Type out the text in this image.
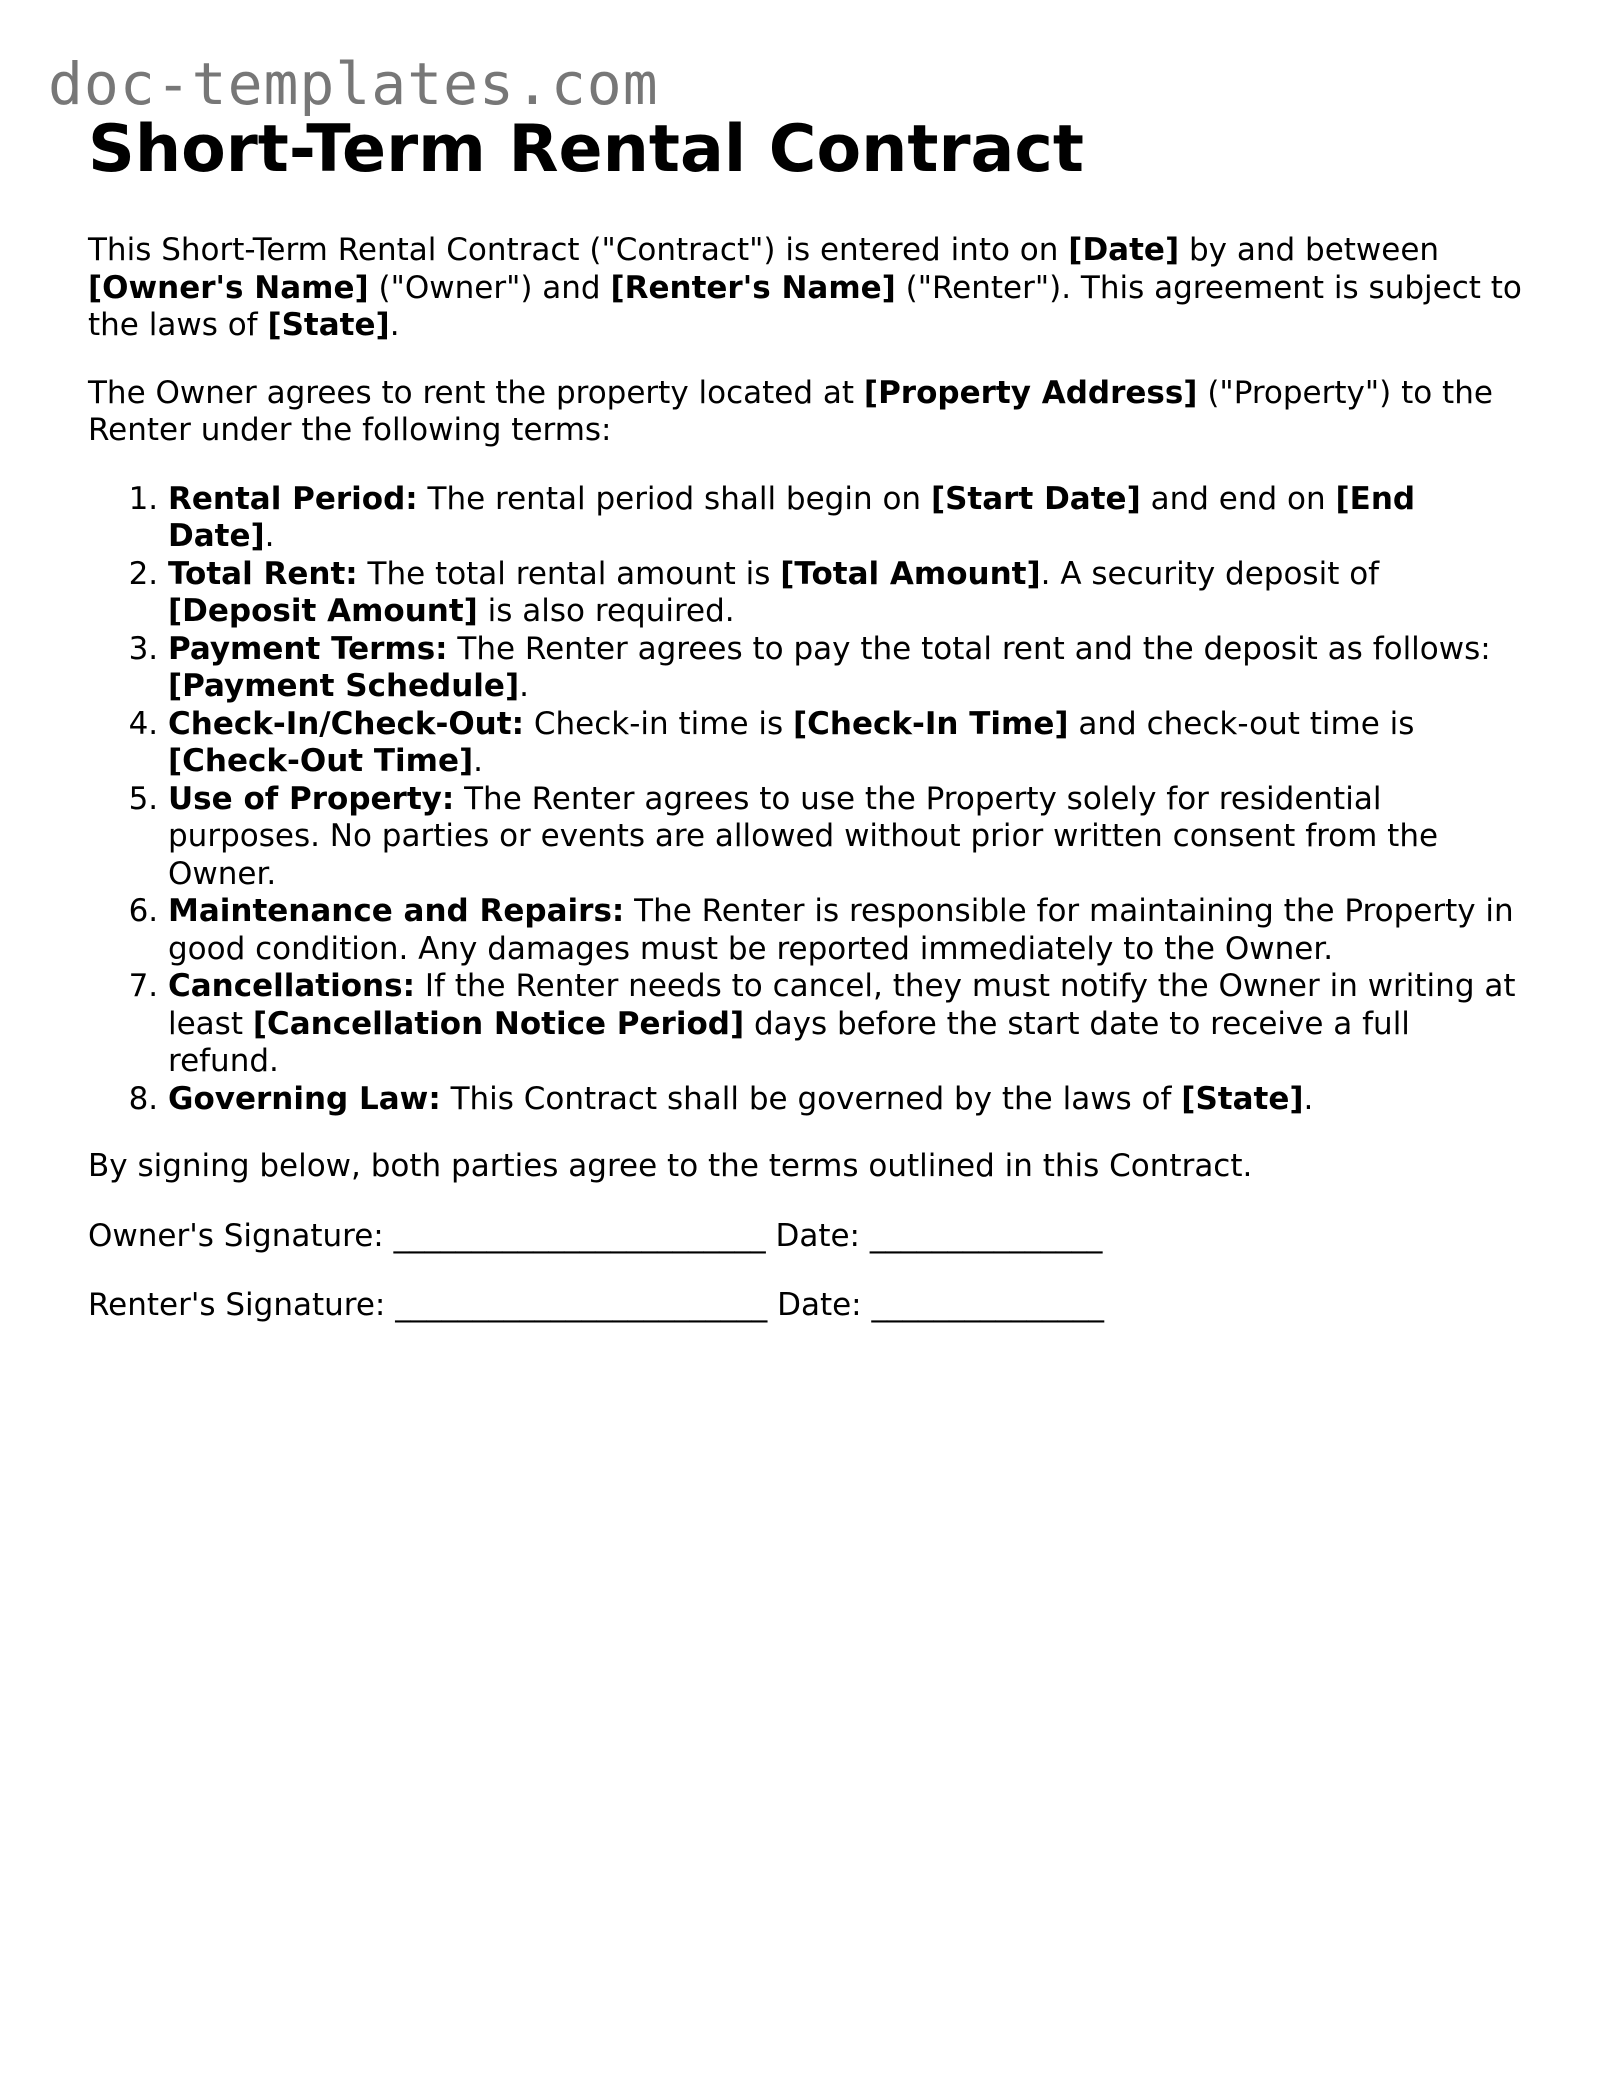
doc-templates.com
Short-Term Rental Contract

This Short-Term Rental Contract ("Contract") is entered into on [Date] by and between [Owner's Name] ("Owner") and [Renter's Name] ("Renter"). This agreement is subject to the laws of [State].

The Owner agrees to rent the property located at [Property Address] ("Property") to the Renter under the following terms:

1. Rental Period: The rental period shall begin on [Start Date] and end on [End Date].
2. Total Rent: The total rental amount is [Total Amount]. A security deposit of [Deposit Amount] is also required.
3. Payment Terms: The Renter agrees to pay the total rent and the deposit as follows: [Payment Schedule].
4. Check-In/Check-Out: Check-in time is [Check-In Time] and check-out time is [Check-Out Time].
5. Use of Property: The Renter agrees to use the Property solely for residential purposes. No parties or events are allowed without prior written consent from the Owner.
6. Maintenance and Repairs: The Renter is responsible for maintaining the Property in good condition. Any damages must be reported immediately to the Owner.
7. Cancellations: If the Renter needs to cancel, they must notify the Owner in writing at least [Cancellation Notice Period] days before the start date to receive a full refund.
8. Governing Law: This Contract shall be governed by the laws of [State].

By signing below, both parties agree to the terms outlined in this Contract.

Owner's Signature: ________________________ Date: _______________

Renter's Signature: ________________________ Date: _______________
